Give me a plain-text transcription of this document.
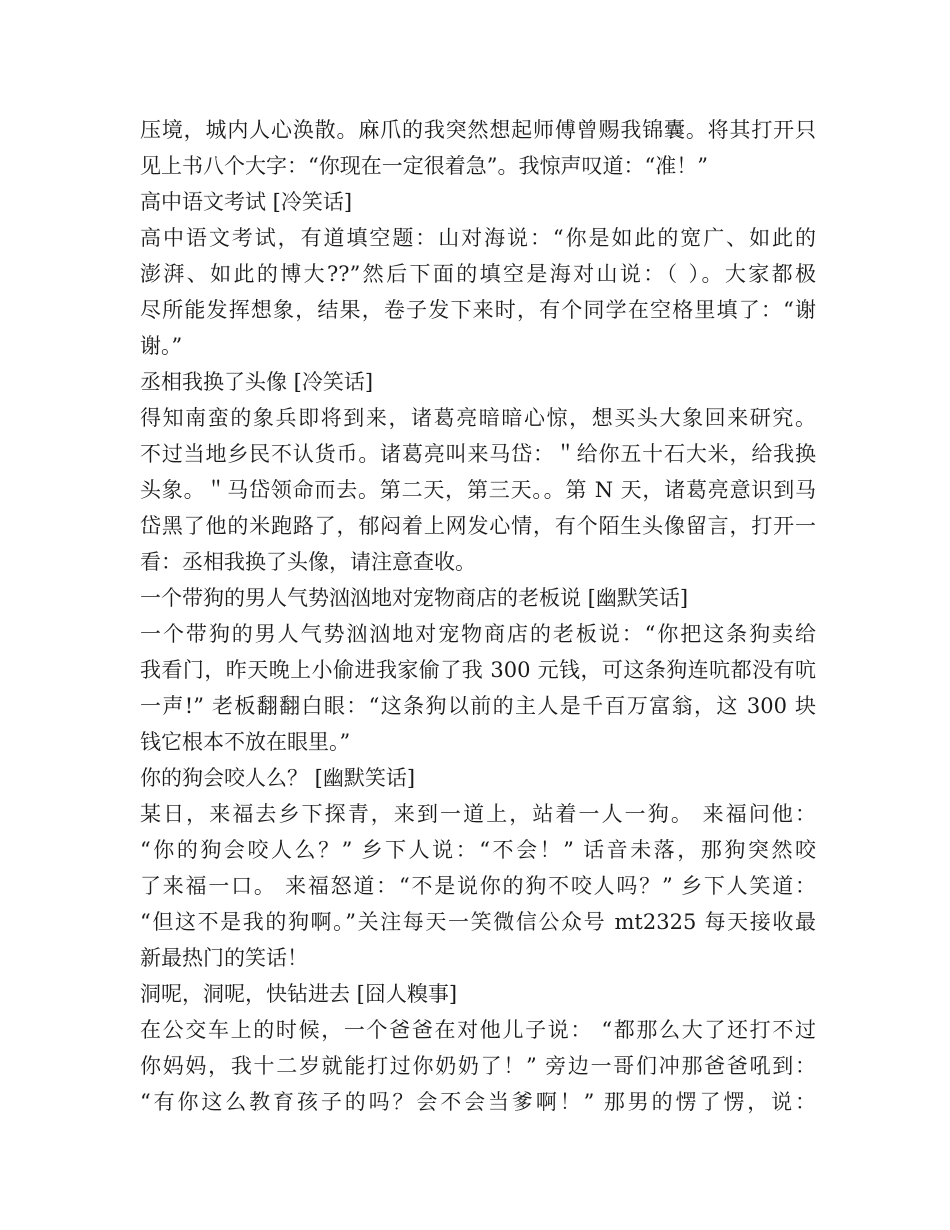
压境，城内人心涣散。麻爪的我突然想起师傅曾赐我锦囊。将其打开只
见上书八个大字：“你现在一定很着急”。我惊声叹道：“准！”
高中语文考试 [冷笑话]
高中语文考试，有道填空题：山对海说：“你是如此的宽广、如此的
澎湃、如此的博大??”然后下面的填空是海对山说：（ ）。大家都极
尽所能发挥想象，结果，卷子发下来时，有个同学在空格里填了：“谢
谢。”
丞相我换了头像 [冷笑话]
得知南蛮的象兵即将到来，诸葛亮暗暗心惊，想买头大象回来研究。
不过当地乡民不认货币。诸葛亮叫来马岱：＂给你五十石大米，给我换
头象。＂马岱领命而去。第二天，第三天。。第 N 天，诸葛亮意识到马
岱黑了他的米跑路了，郁闷着上网发心情，有个陌生头像留言，打开一
看：丞相我换了头像，请注意查收。
一个带狗的男人气势汹汹地对宠物商店的老板说 [幽默笑话]
一个带狗的男人气势汹汹地对宠物商店的老板说：“你把这条狗卖给
我看门，昨天晚上小偷进我家偷了我 300 元钱，可这条狗连吭都没有吭
一声!” 老板翻翻白眼：“这条狗以前的主人是千百万富翁，这 300 块
钱它根本不放在眼里。”
你的狗会咬人么？ [幽默笑话]
某日，来福去乡下探青，来到一道上，站着一人一狗。 来福问他：
“你的狗会咬人么？” 乡下人说：“不会！” 话音未落，那狗突然咬
了来福一口。 来福怒道：“不是说你的狗不咬人吗？” 乡下人笑道：
“但这不是我的狗啊。”关注每天一笑微信公众号 mt2325 每天接收最
新最热门的笑话！
洞呢，洞呢，快钻进去 [囧人糗事]
在公交车上的时候，一个爸爸在对他儿子说： “都那么大了还打不过
你妈妈，我十二岁就能打过你奶奶了！” 旁边一哥们冲那爸爸吼到：
“有你这么教育孩子的吗？会不会当爹啊！” 那男的愣了愣，说：
